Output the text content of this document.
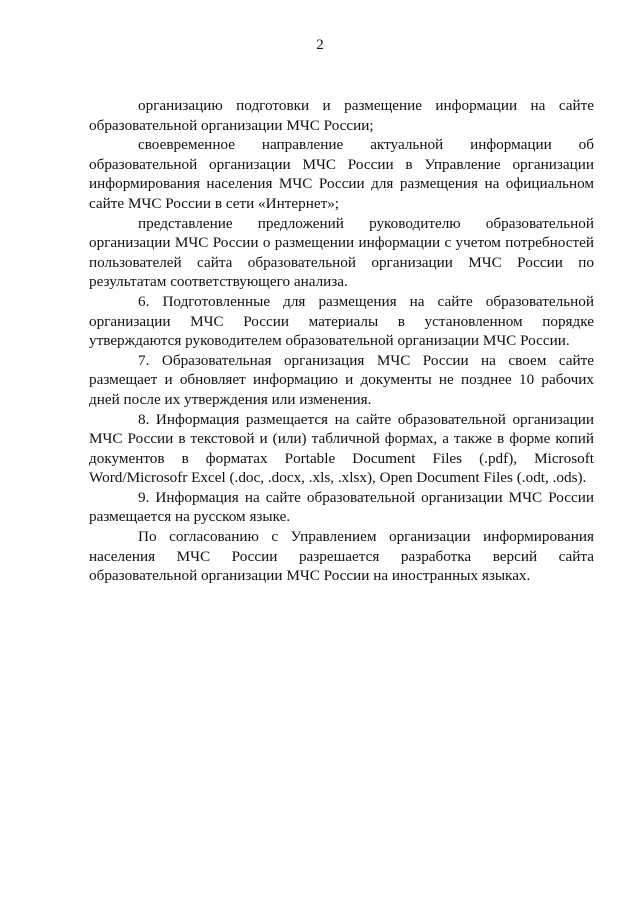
2

организацию подготовки и размещение информации на сайте образовательной организации МЧС России;

своевременное направление актуальной информации об образовательной организации МЧС России в Управление организации информирования населения МЧС России для размещения на официальном сайте МЧС России в сети «Интернет»;

представление предложений руководителю образовательной организации МЧС России о размещении информации с учетом потребностей пользователей сайта образовательной организации МЧС России по результатам соответствующего анализа.

6. Подготовленные для размещения на сайте образовательной организации МЧС России материалы в установленном порядке утверждаются руководителем образовательной организации МЧС России.

7. Образовательная организация МЧС России на своем сайте размещает и обновляет информацию и документы не позднее 10 рабочих дней после их утверждения или изменения.

8. Информация размещается на сайте образовательной организации МЧС России в текстовой и (или) табличной формах, а также в форме копий документов в форматах Portable Document Files (.pdf), Microsoft Word/Microsofr Excel (.doc, .docx, .xls, .xlsx), Open Document Files (.odt, .ods).

9. Информация на сайте образовательной организации МЧС России размещается на русском языке.

По согласованию с Управлением организации информирования населения МЧС России разрешается разработка версий сайта образовательной организации МЧС России на иностранных языках.
